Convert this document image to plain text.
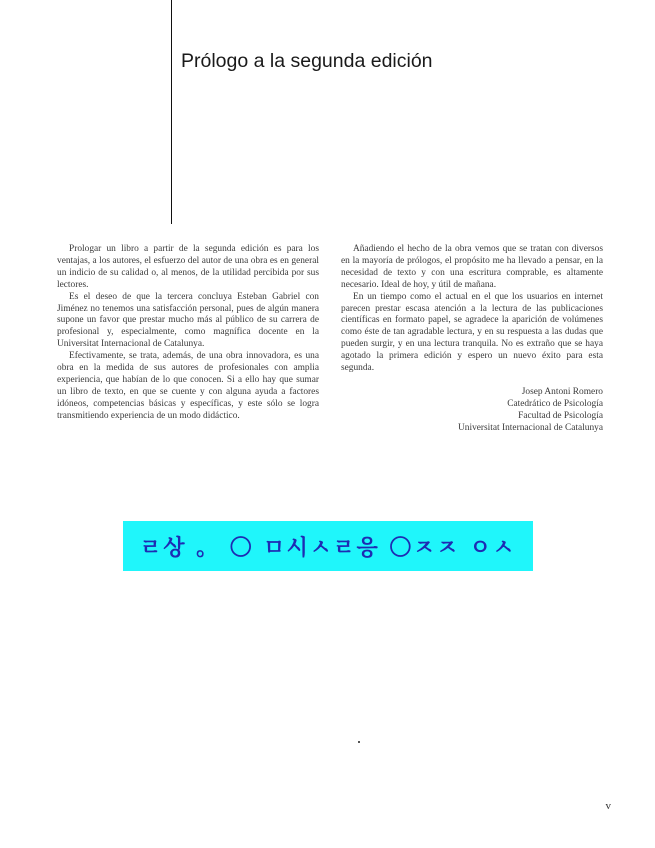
Prólogo a la segunda edición

Prologar un libro a partir de la segunda edición es para los ventajas, a los autores, el esfuerzo del autor de una obra es en general un indicio de su calidad o, al menos, de la utilidad percibida por sus lectores.

Es el deseo de que la tercera concluya Esteban Gabriel con Jiménez no tenemos una satisfacción personal, pues de algún manera supone un favor que prestar mucho más al público de su carrera de profesional y, especialmente, como magnífica docente en la Universitat Internacional de Catalunya.

Efectivamente, se trata, además, de una obra innovadora, es una obra en la medida de sus autores de profesionales con amplia experiencia, que habían de lo que conocen. Si a ello hay que sumar un libro de texto, en que se cuente y con alguna ayuda a factores idóneos, competencias básicas y específicas, y este sólo se logra transmitiendo experiencia de un modo didáctico.

Añadiendo el hecho de la obra vemos que se tratan con diversos en la mayoría de prólogos, el propósito me ha llevado a pensar, en la necesidad de texto y con una escritura comprable, es altamente necesario. Ideal de hoy, y útil de mañana.

En un tiempo como el actual en el que los usuarios en internet parecen prestar escasa atención a la lectura de las publicaciones científicas en formato papel, se agradece la aparición de volúmenes como éste de tan agradable lectura, y en su respuesta a las dudas que pueden surgir, y en una lectura tranquila. No es extraño que se haya agotado la primera edición y espero un nuevo éxito para esta segunda.

Josep Antoni Romero
Catedrático de Psicología
Facultad de Psicología
Universitat Internacional de Catalunya
ㄹ상 。 〇 ㅁ시ㅅㄹ응 〇ㅈㅈ ㅇㅅ
v
